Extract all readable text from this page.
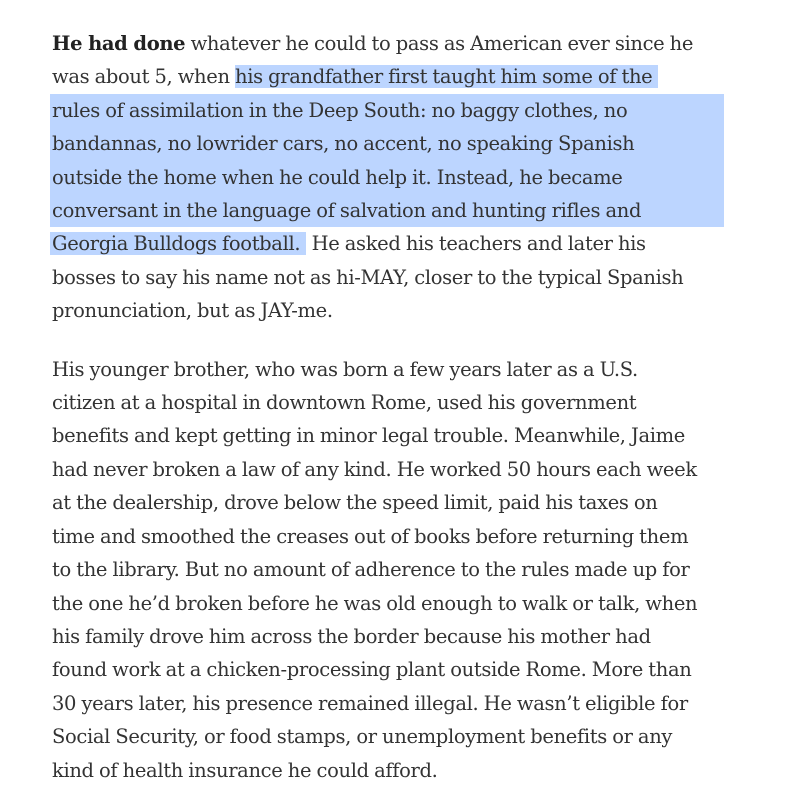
He had done whatever he could to pass as American ever since he
was about 5, when his grandfather first taught him some of the
rules of assimilation in the Deep South: no baggy clothes, no
bandannas, no lowrider cars, no accent, no speaking Spanish
outside the home when he could help it. Instead, he became
conversant in the language of salvation and hunting rifles and
Georgia Bulldogs football. He asked his teachers and later his
bosses to say his name not as hi-MAY, closer to the typical Spanish
pronunciation, but as JAY-me.

His younger brother, who was born a few years later as a U.S.
citizen at a hospital in downtown Rome, used his government
benefits and kept getting in minor legal trouble. Meanwhile, Jaime
had never broken a law of any kind. He worked 50 hours each week
at the dealership, drove below the speed limit, paid his taxes on
time and smoothed the creases out of books before returning them
to the library. But no amount of adherence to the rules made up for
the one he’d broken before he was old enough to walk or talk, when
his family drove him across the border because his mother had
found work at a chicken-processing plant outside Rome. More than
30 years later, his presence remained illegal. He wasn’t eligible for
Social Security, or food stamps, or unemployment benefits or any
kind of health insurance he could afford.
